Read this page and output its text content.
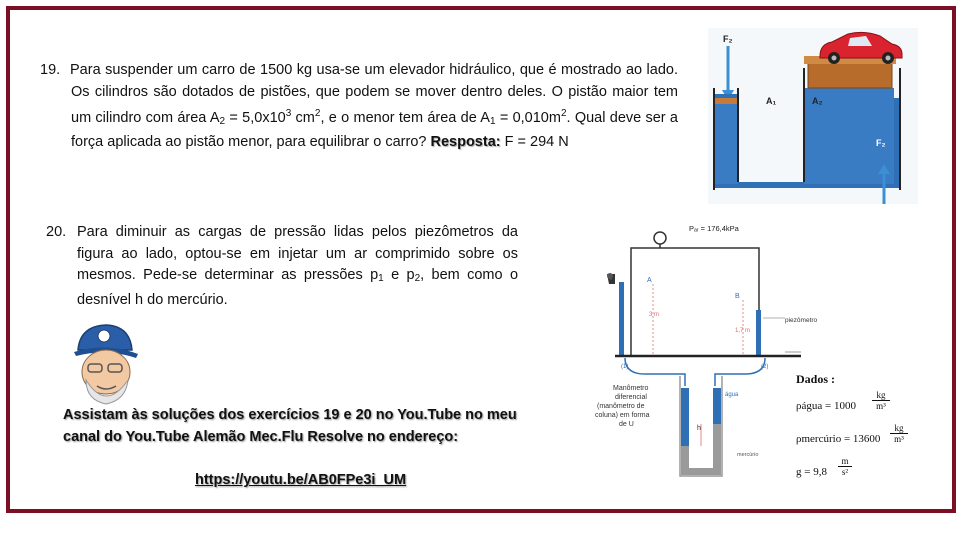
19. Para suspender um carro de 1500 kg usa-se um elevador hidráulico, que é mostrado ao lado. Os cilindros são dotados de pistões, que podem se mover dentro deles. O pistão maior tem um cilindro com área $A_2 = 5,0x10^3$ $cm^2$, e o menor tem área de $A_1 = 0,010m^2$. Qual deve ser a força aplicada ao pistão menor, para equilibrar o carro? Resposta: F = 294 N
20. Para diminuir as cargas de pressão lidas pelos piezômetros da figura ao lado, optou-se em injetar um ar comprimido sobre os mesmos. Pede-se determinar as pressões $p_1$ e $p_2$, bem como o desnível h do mercúrio.
Assistam às soluções dos exercícios 19 e 20 no You.Tube no meu canal do You.Tube Alemão Mec.Flu Resolve no endereço:
https://youtu.be/AB0FPe3i_UM
F₂
A₁	A₂
F₂
Pₐᵣ = 176,4kPa
A
B
3 m
1,7 m
piezômetro
(1)	(2)
água
h
Manômetro
diferencial
(manômetro de
coluna) em forma
de U
mercúrio
Dados :
ρágua = 1000
kg
m³
ρmercúrio = 13600
kg
m³
g = 9,8
m
s²
